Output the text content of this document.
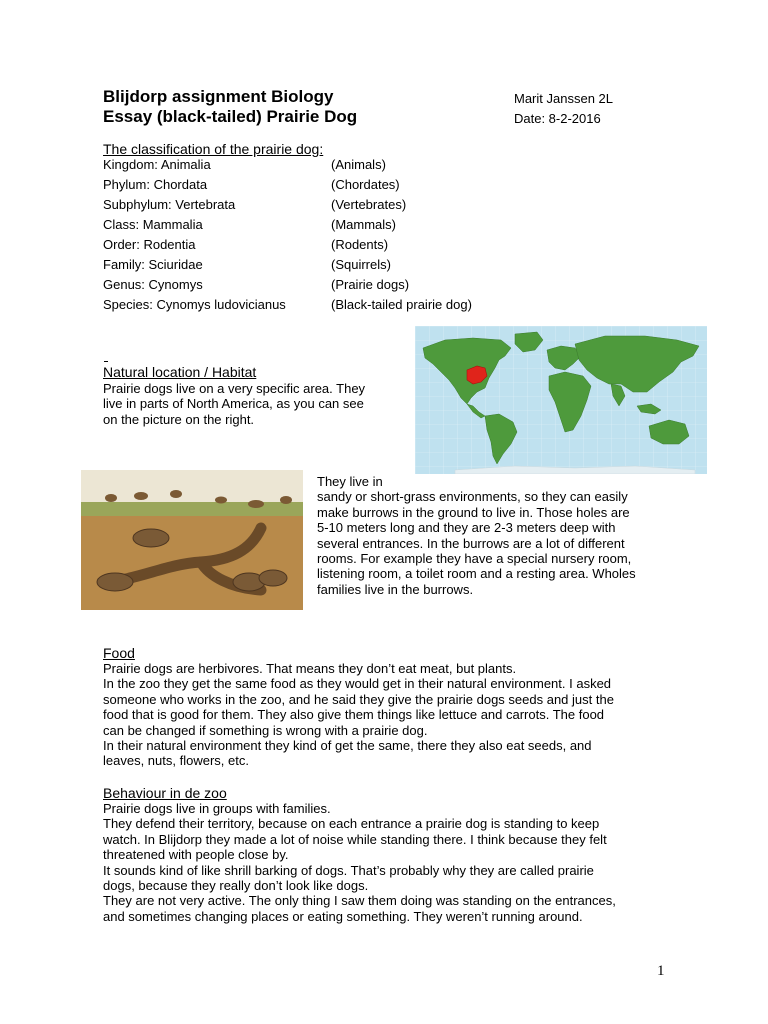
Blijdorp assignment Biology
Essay (black-tailed) Prairie Dog
Marit Janssen 2L
Date: 8-2-2016
The classification of the prairie dog:
Kingdom: Animalia	(Animals)
Phylum: Chordata	(Chordates)
Subphylum: Vertebrata	(Vertebrates)
Class: Mammalia	(Mammals)
Order: Rodentia	(Rodents)
Family: Sciuridae	(Squirrels)
Genus: Cynomys	(Prairie dogs)
Species: Cynomys ludovicianus	(Black-tailed prairie dog)
Natural location / Habitat

Prairie dogs live on a very specific area. They

live in parts of North America, as you can see

on the picture on the right.

They live in

sandy or short-grass environments, so they can easily

make burrows in the ground to live in. Those holes are

5-10 meters long and they are 2-3 meters deep with

several entrances. In the burrows are a lot of different

rooms. For example they have a special nursery room,

listening room, a toilet room and a resting area. Wholes

families live in the burrows.

Food

Prairie dogs are herbivores. That means they don’t eat meat, but plants.

In the zoo they get the same food as they would get in their natural environment. I asked

someone who works in the zoo, and he said they give the prairie dogs seeds and just the

food that is good for them. They also give them things like lettuce and carrots. The food

can be changed if something is wrong with a prairie dog.

In their natural environment they kind of get the same, there they also eat seeds, and

leaves, nuts, flowers, etc.

Behaviour in de zoo

Prairie dogs live in groups with families.

They defend their territory, because on each entrance a prairie dog is standing to keep

watch. In Blijdorp they made a lot of noise while standing there. I think because they felt

threatened with people close by.

It sounds kind of like shrill barking of dogs. That’s probably why they are called prairie

dogs, because they really don’t look like dogs.

They are not very active. The only thing I saw them doing was standing on the entrances,

and sometimes changing places or eating something. They weren’t running around.

1
